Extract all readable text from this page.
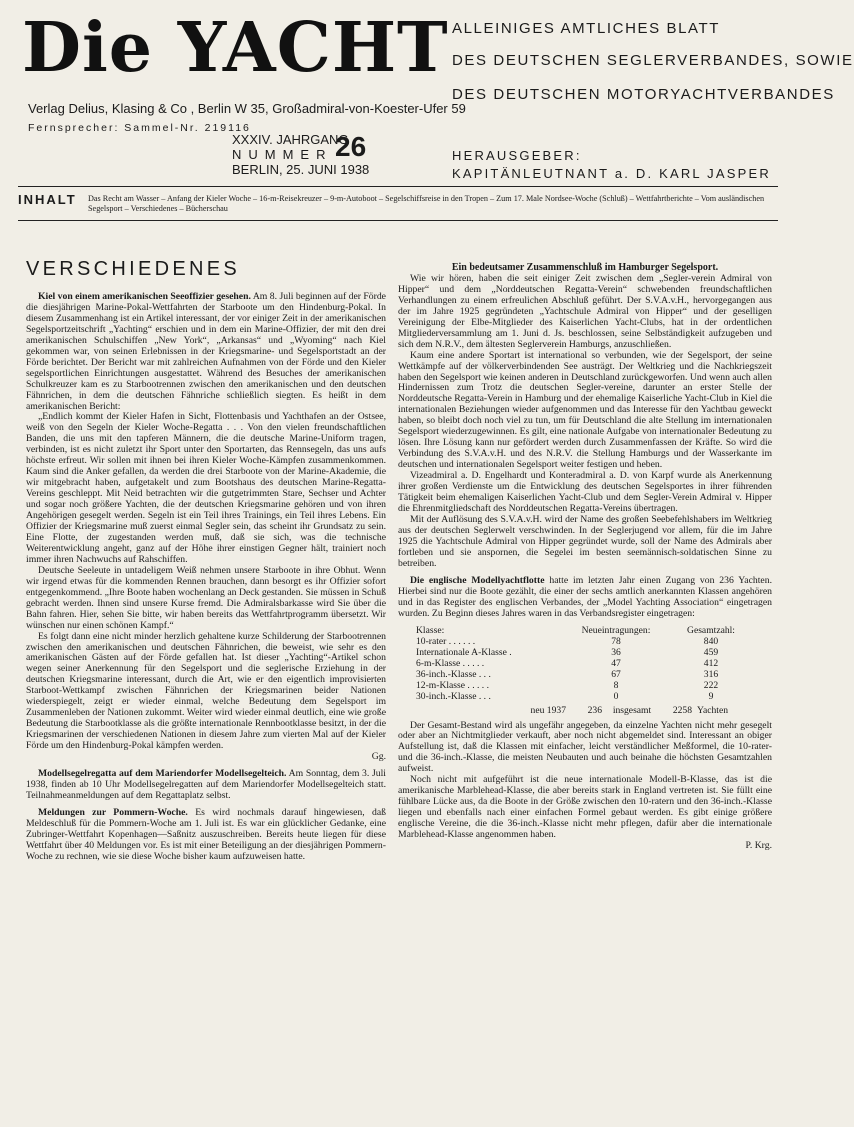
Die YACHT
Verlag Delius, Klasing & Co , Berlin W 35, Großadmiral-von-Koester-Ufer 59
Fernsprecher: Sammel-Nr. 219116
ALLEINIGES AMTLICHES BLATT
DES DEUTSCHEN SEGLERVERBANDES, SOWIE
DES DEUTSCHEN MOTORYACHTVERBANDES
XXXIV. JAHRGANG
NUMMER
BERLIN, 25. JUNI 1938
26	HERAUSGEBER:
KAPITÄNLEUTNANT a. D. KARL JASPER
INHALT Das Recht am Wasser – Anfang der Kieler Woche – 16-m-Reisekreuzer – 9-m-Autoboot – Segelschiffsreise in den Tropen – Zum 17. Male Nordsee-Woche (Schluß) – Wettfahrtberichte – Vom ausländischen Segelsport – Verschiedenes – Bücherschau
VERSCHIEDENES

Kiel von einem amerikanischen Seeoffizier gesehen. Am 8. Juli beginnen auf der Förde die diesjährigen Marine-Pokal-Wettfahrten der Starboote um den Hindenburg-Pokal. In diesem Zusammenhang ist ein Artikel interessant, der vor einiger Zeit in der amerikanischen Segelsportzeitschrift „Yachting“ erschien und in dem ein Marine-Offizier, der mit den drei amerikanischen Schulschiffen „New York“, „Arkansas“ und „Wyoming“ nach Kiel gekommen war, von seinen Erlebnissen in der Kriegsmarine- und Segelsportstadt an der Förde berichtet. Der Bericht war mit zahlreichen Aufnahmen von der Förde und den Kieler segelsportlichen Einrichtungen ausgestattet. Während des Besuches der amerikanischen Schulkreuzer kam es zu Starbootrennen zwischen den amerikanischen und den deutschen Fähnrichen, in dem die deutschen Fähnriche schließlich siegten. Es heißt in dem amerikanischen Bericht:

„Endlich kommt der Kieler Hafen in Sicht, Flottenbasis und Yachthafen an der Ostsee, weiß von den Segeln der Kieler Woche-Regatta . . . Von den vielen freundschaftlichen Banden, die uns mit den tapferen Männern, die die deutsche Marine-Uniform tragen, verbinden, ist es nicht zuletzt ihr Sport unter den Sportarten, das Rennsegeln, das uns aufs höchste erfreut. Wir sollen mit ihnen bei ihren Kieler Woche-Kämpfen zusammenkommen. Kaum sind die Anker gefallen, da werden die drei Starboote von der Marine-Akademie, die wir mitgebracht haben, aufgetakelt und zum Bootshaus des deutschen Marine-Regatta-Vereins geschleppt. Mit Neid betrachten wir die gutgetrimmten Stare, Sechser und Achter und sogar noch größere Yachten, die der deutschen Kriegsmarine gehören und von ihren Angehörigen gesegelt werden. Segeln ist ein Teil ihres Trainings, ein Teil ihres Lebens. Ein Offizier der Kriegsmarine muß zuerst einmal Segler sein, das scheint ihr Grundsatz zu sein. Eine Flotte, der zugestanden werden muß, daß sie sich, was die technische Weiterentwicklung angeht, ganz auf der Höhe ihrer einstigen Gegner hält, trainiert noch immer ihren Nachwuchs auf Rahschiffen.

Deutsche Seeleute in untadeligem Weiß nehmen unsere Starboote in ihre Obhut. Wenn wir irgend etwas für die kommenden Rennen brauchen, dann besorgt es ihr Offizier sofort entgegenkommend. „Ihre Boote haben wochenlang an Deck gestanden. Sie müssen in Schuß gebracht werden. Ihnen sind unsere Kurse fremd. Die Admiralsbarkasse wird Sie über die Bahn fahren. Hier, sehen Sie bitte, wir haben bereits das Wettfahrtprogramm übersetzt. Wir wünschen nur einen schönen Kampf.“

Es folgt dann eine nicht minder herzlich gehaltene kurze Schilderung der Starbootrennen zwischen den amerikanischen und deutschen Fähnrichen, die beweist, wie sehr es den amerikanischen Gästen auf der Förde gefallen hat. Ist dieser „Yachting“-Artikel schon wegen seiner Anerkennung für den Segelsport und die seglerische Erziehung in der deutschen Kriegsmarine interessant, durch die Art, wie er den eigentlich improvisierten Starboot-Wettkampf zwischen Fähnrichen der Kriegsmarinen beider Nationen wiederspiegelt, zeigt er wieder einmal, welche Bedeutung dem Segelsport im Zusammenleben der Nationen zukommt. Weiter wird wieder einmal deutlich, eine wie große Bedeutung die Starbootklasse als die größte internationale Rennbootklasse besitzt, in der die Kriegsmarinen der verschiedenen Nationen in diesem Jahre zum vierten Mal auf der Kieler Förde um den Hindenburg-Pokal kämpfen werden.

Gg.

Modellsegelregatta auf dem Mariendorfer Modellsegelteich. Am Sonntag, dem 3. Juli 1938, finden ab 10 Uhr Modellsegelregatten auf dem Mariendorfer Modellsegelteich statt. Teilnahmeanmeldungen auf dem Regattaplatz selbst.

Meldungen zur Pommern-Woche. Es wird nochmals darauf hingewiesen, daß Meldeschluß für die Pommern-Woche am 1. Juli ist. Es war ein glücklicher Gedanke, eine Zubringer-Wettfahrt Kopenhagen—Saßnitz auszuschreiben. Bereits heute liegen für diese Wettfahrt über 40 Meldungen vor. Es ist mit einer Beteiligung an der diesjährigen Pommern-Woche zu rechnen, wie sie diese Woche bisher kaum aufzuweisen hatte.

Ein bedeutsamer Zusammenschluß im Hamburger Segelsport.

Wie wir hören, haben die seit einiger Zeit zwischen dem „Segler-verein Admiral von Hipper“ und dem „Norddeutschen Regatta-Verein“ schwebenden freundschaftlichen Verhandlungen zu einem erfreulichen Abschluß geführt. Der S.V.A.v.H., hervorgegangen aus der im Jahre 1925 gegründeten „Yachtschule Admiral von Hipper“ und der geselligen Vereinigung der Elbe-Mitglieder des Kaiserlichen Yacht-Clubs, hat in der ordentlichen Mitgliederversammlung am 1. Juni d. Js. beschlossen, seine Selbständigkeit aufzugeben und sich dem N.R.V., dem ältesten Seglerverein Hamburgs, anzuschließen.

Kaum eine andere Sportart ist international so verbunden, wie der Segelsport, der seine Wettkämpfe auf der völkerverbindenden See austrägt. Der Weltkrieg und die Nachkriegszeit haben den Segelsport wie keinen anderen in Deutschland zurückgeworfen. Und wenn auch allen Hindernissen zum Trotz die deutschen Segler-vereine, darunter an erster Stelle der Norddeutsche Regatta-Verein in Hamburg und der ehemalige Kaiserliche Yacht-Club in Kiel die internationalen Beziehungen wieder aufgenommen und das Interesse für den Yachtbau geweckt haben, so bleibt doch noch viel zu tun, um für Deutschland die alte Stellung im internationalen Segelsport wiederzugewinnen. Es gilt, eine nationale Aufgabe von internationaler Bedeutung zu lösen. Ihre Lösung kann nur gefördert werden durch Zusammenfassen der Kräfte. So wird die Verbindung des S.V.A.v.H. und des N.R.V. die Stellung Hamburgs und der Wasserkante im deutschen und internationalen Segelsport weiter festigen und heben.

Vizeadmiral a. D. Engelhardt und Konteradmiral a. D. von Karpf wurde als Anerkennung ihrer großen Verdienste um die Entwicklung des deutschen Segelsportes in ihrer führenden Tätigkeit beim ehemaligen Kaiserlichen Yacht-Club und dem Segler-Verein Admiral v. Hipper die Ehrenmitgliedschaft des Norddeutschen Regatta-Vereins übertragen.

Mit der Auflösung des S.V.A.v.H. wird der Name des großen Seebefehlshabers im Weltkrieg aus der deutschen Seglerwelt verschwinden. In der Seglerjugend vor allem, für die im Jahre 1925 die Yachtschule Admiral von Hipper gegründet wurde, soll der Name des Admirals aber fortleben und sie anspornen, die Segelei im besten seemännisch-soldatischen Sinne zu betreiben.

Die englische Modellyachtflotte hatte im letzten Jahr einen Zugang von 236 Yachten. Hierbei sind nur die Boote gezählt, die einer der sechs amtlich anerkannten Klassen angehören und in das Register des englischen Verbandes, der „Model Yachting Association“ eingetragen wurden. Zu Beginn dieses Jahres waren in das Verbandsregister eingetragen:

Klasse:	Neueintragungen:	Gesamtzahl:
10-rater . . . . . .	78	840
Internationale A-Klasse .	36	459
6-m-Klasse . . . . .	47	412
36-inch.-Klasse . . .	67	316
12-m-Klasse . . . . .	8	222
30-inch.-Klasse . . .	0	9
neu 1937	236	insgesamt	2258 Yachten

Der Gesamt-Bestand wird als ungefähr angegeben, da einzelne Yachten nicht mehr gesegelt oder aber an Nichtmitglieder verkauft, aber noch nicht abgemeldet sind. Interessant an obiger Aufstellung ist, daß die Klassen mit einfacher, leicht verständlicher Meßformel, die 10-rater- und die 36-inch.-Klasse, die meisten Neubauten und auch beinahe die höchsten Gesamtzahlen aufweist.

Noch nicht mit aufgeführt ist die neue internationale Modell-B-Klasse, das ist die amerikanische Marblehead-Klasse, die aber bereits stark in England vertreten ist. Sie füllt eine fühlbare Lücke aus, da die Boote in der Größe zwischen den 10-ratern und den 36-inch.-Klasse liegen und ebenfalls nach einer einfachen Formel gebaut werden. Es gibt einige größere englische Vereine, die die 36-inch.-Klasse nicht mehr pflegen, dafür aber die internationale Marblehead-Klasse angenommen haben.

P. Krg.
